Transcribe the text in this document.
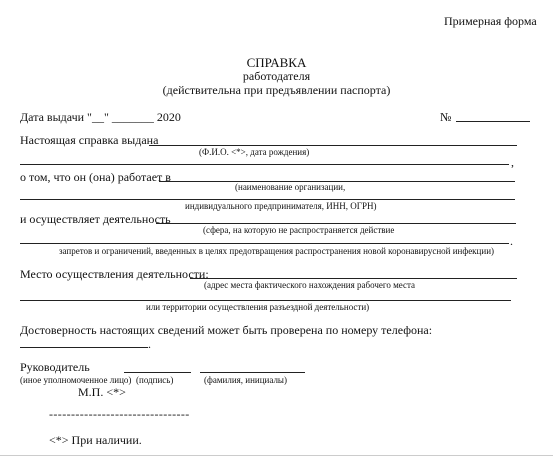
Примерная форма
СПРАВКА
работодателя
(действительна при предъявлении паспорта)
Дата выдачи "__" _______ 2020	№
Настоящая справка выдана
(Ф.И.О. <*>, дата рождения)
,
о том, что он (она) работает в
(наименование организации,
индивидуального предпринимателя, ИНН, ОГРН)
и осуществляет деятельность
(сфера, на которую не распространяется действие
.
запретов и ограничений, введенных в целях предотвращения распространения новой коронавирусной инфекции)
Место осуществления деятельности:
(адрес места фактического нахождения рабочего места
или территории осуществления разъездной деятельности)
Достоверность настоящих сведений может быть проверена по номеру телефона:
.
Руководитель
(иное уполномоченное лицо) (подпись)	(фамилия, инициалы)
М.П. <*>
--------------------------------
<*> При наличии.
